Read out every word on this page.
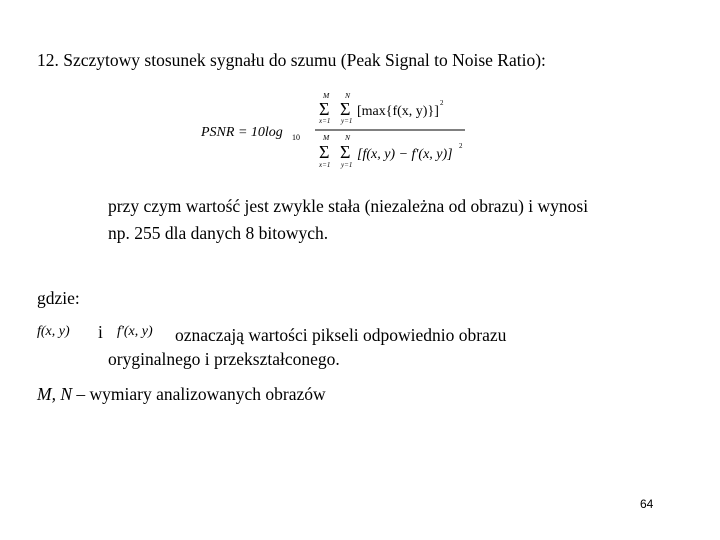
12. Szczytowy stosunek sygnału do szumu (Peak Signal to Noise Ratio):
PSNR = 10log 10
M
Σ
x=1
N
Σ
y=1
[max{f(x, y)}]
2
M
Σ
x=1
N
Σ
y=1
[f(x, y) − f'(x, y)]
2
przy czym wartość jest zwykle stała (niezależna od obrazu) i wynosi
np. 255 dla danych 8 bitowych.
gdzie:
f(x, y) i f'(x, y) oznaczają wartości pikseli odpowiednio obrazu
oryginalnego i przekształconego.
M, N – wymiary analizowanych obrazów
64
